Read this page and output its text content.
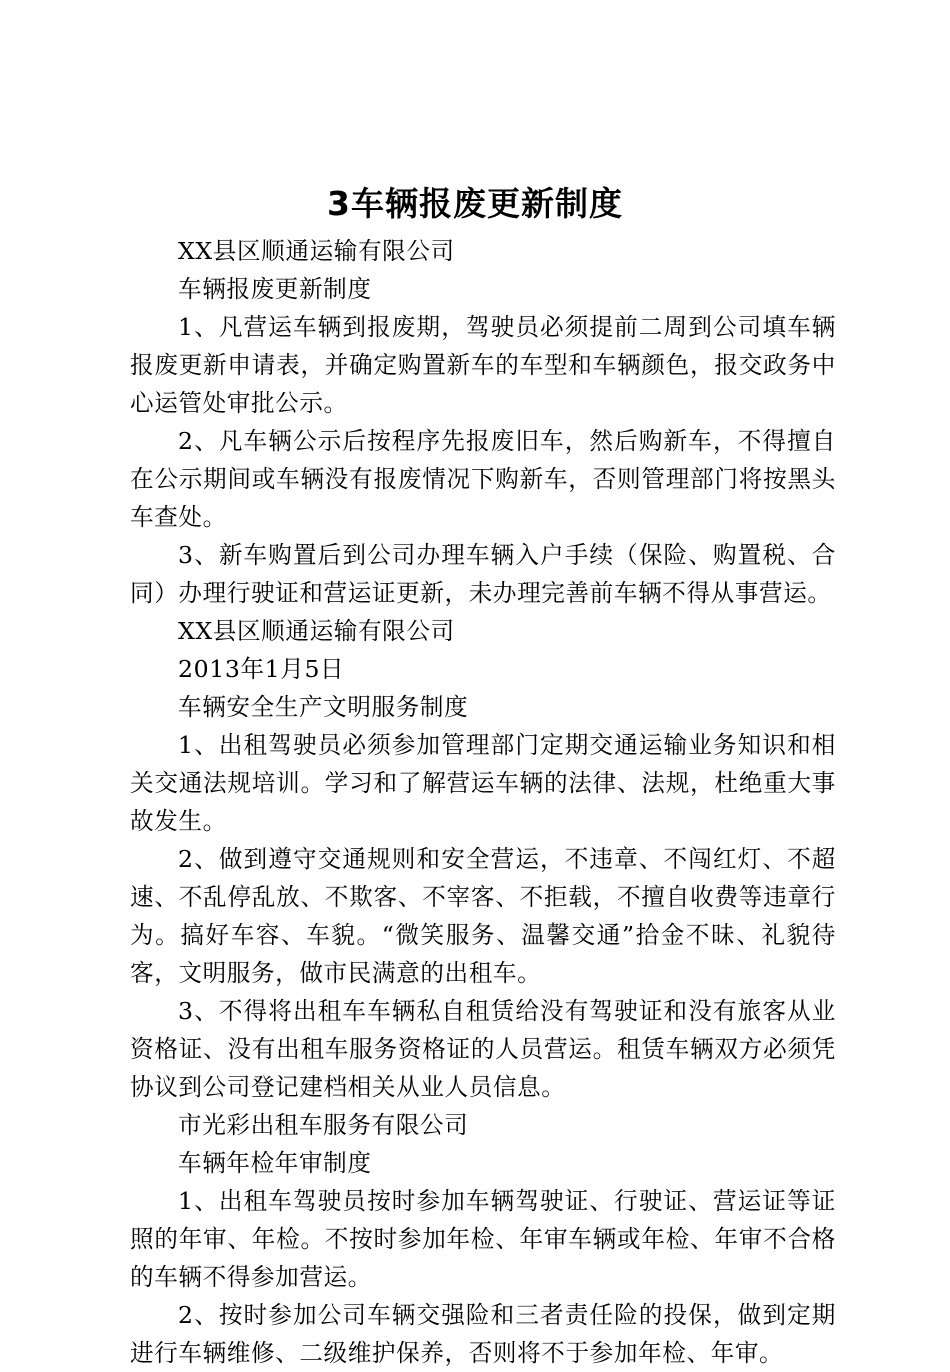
3车辆报废更新制度

XX县区顺通运输有限公司

车辆报废更新制度

1、凡营运车辆到报废期，驾驶员必须提前二周到公司填车辆报废更新申请表，并确定购置新车的车型和车辆颜色，报交政务中心运管处审批公示。

2、凡车辆公示后按程序先报废旧车，然后购新车，不得擅自在公示期间或车辆没有报废情况下购新车，否则管理部门将按黑头车查处。

3、新车购置后到公司办理车辆入户手续（保险、购置税、合同）办理行驶证和营运证更新，未办理完善前车辆不得从事营运。

XX县区顺通运输有限公司

2013年1月5日

车辆安全生产文明服务制度

1、出租驾驶员必须参加管理部门定期交通运输业务知识和相关交通法规培训。学习和了解营运车辆的法律、法规，杜绝重大事故发生。

2、做到遵守交通规则和安全营运，不违章、不闯红灯、不超速、不乱停乱放、不欺客、不宰客、不拒载，不擅自收费等违章行为。搞好车容、车貌。“微笑服务、温馨交通”拾金不昧、礼貌待客，文明服务，做市民满意的出租车。

3、不得将出租车车辆私自租赁给没有驾驶证和没有旅客从业资格证、没有出租车服务资格证的人员营运。租赁车辆双方必须凭协议到公司登记建档相关从业人员信息。

市光彩出租车服务有限公司

车辆年检年审制度

1、出租车驾驶员按时参加车辆驾驶证、行驶证、营运证等证照的年审、年检。不按时参加年检、年审车辆或年检、年审不合格的车辆不得参加营运。

2、按时参加公司车辆交强险和三者责任险的投保，做到定期进行车辆维修、二级维护保养，否则将不于参加年检、年审。
